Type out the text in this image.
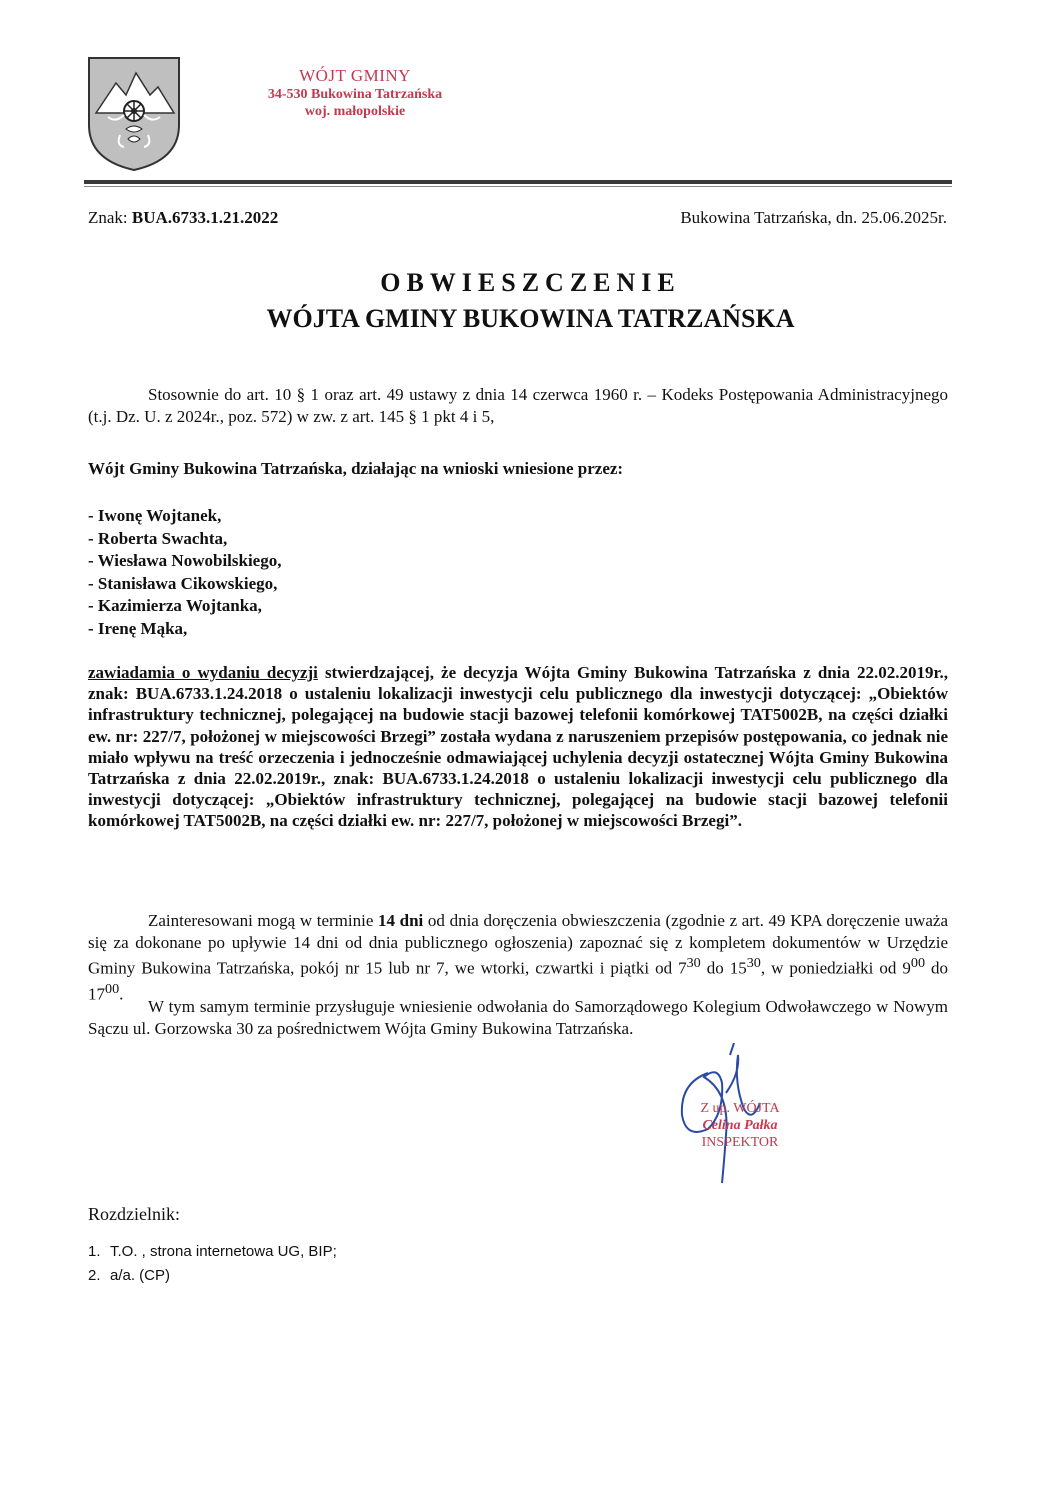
WÓJT GMINY
34-530 Bukowina Tatrzańska
woj. małopolskie
Znak: BUA.6733.1.21.2022	Bukowina Tatrzańska, dn. 25.06.2025r.
OBWIESZCZENIE
WÓJTA GMINY BUKOWINA TATRZAŃSKA
Stosownie do art. 10 § 1 oraz art. 49 ustawy z dnia 14 czerwca 1960 r. – Kodeks Postępowania Administracyjnego (t.j. Dz. U. z 2024r., poz. 572) w zw. z art. 145 § 1 pkt 4 i 5,
Wójt Gminy Bukowina Tatrzańska, działając na wnioski wniesione przez:
- Iwonę Wojtanek,
- Roberta Swachta,
- Wiesława Nowobilskiego,
- Stanisława Cikowskiego,
- Kazimierza Wojtanka,
- Irenę Mąka,
zawiadamia o wydaniu decyzji stwierdzającej, że decyzja Wójta Gminy Bukowina Tatrzańska z dnia 22.02.2019r., znak: BUA.6733.1.24.2018 o ustaleniu lokalizacji inwestycji celu publicznego dla inwestycji dotyczącej: „Obiektów infrastruktury technicznej, polegającej na budowie stacji bazowej telefonii komórkowej TAT5002B, na części działki ew. nr: 227/7, położonej w miejscowości Brzegi” została wydana z naruszeniem przepisów postępowania, co jednak nie miało wpływu na treść orzeczenia i jednocześnie odmawiającej uchylenia decyzji ostatecznej Wójta Gminy Bukowina Tatrzańska z dnia 22.02.2019r., znak: BUA.6733.1.24.2018 o ustaleniu lokalizacji inwestycji celu publicznego dla inwestycji dotyczącej: „Obiektów infrastruktury technicznej, polegającej na budowie stacji bazowej telefonii komórkowej TAT5002B, na części działki ew. nr: 227/7, położonej w miejscowości Brzegi”.
Zainteresowani mogą w terminie 14 dni od dnia doręczenia obwieszczenia (zgodnie z art. 49 KPA doręczenie uważa się za dokonane po upływie 14 dni od dnia publicznego ogłoszenia) zapoznać się z kompletem dokumentów w Urzędzie Gminy Bukowina Tatrzańska, pokój nr 15 lub nr 7, we wtorki, czwartki i piątki od $7^{30}$ do $15^{30}$, w poniedziałki od $9^{00}$ do $17^{00}$.
W tym samym terminie przysługuje wniesienie odwołania do Samorządowego Kolegium Odwoławczego w Nowym Sączu ul. Gorzowska 30 za pośrednictwem Wójta Gminy Bukowina Tatrzańska.
Z up. WÓJTA
Celina Pałka
INSPEKTOR
Rozdzielnik:
1. T.O. , strona internetowa UG, BIP;
2. a/a. (CP)
